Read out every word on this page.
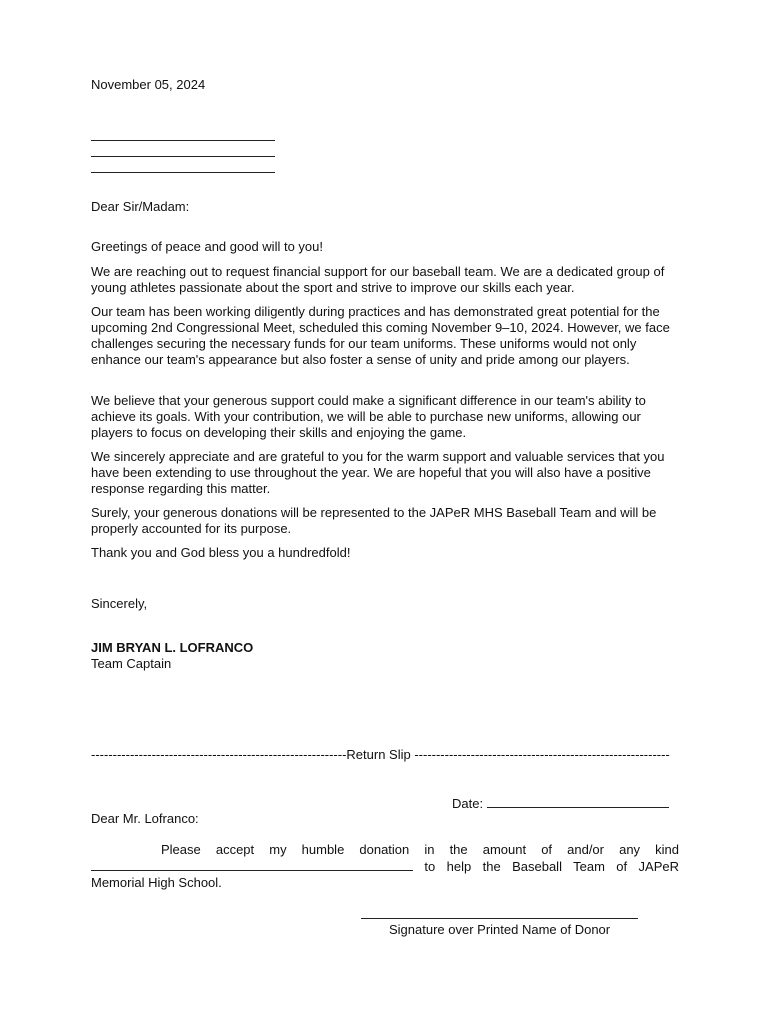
November 05, 2024
Dear Sir/Madam:

Greetings of peace and good will to you!

We are reaching out to request financial support for our baseball team. We are a dedicated group of young athletes passionate about the sport and strive to improve our skills each year.

Our team has been working diligently during practices and has demonstrated great potential for the upcoming 2nd Congressional Meet, scheduled this coming November 9–10, 2024. However, we face challenges securing the necessary funds for our team uniforms. These uniforms would not only enhance our team's appearance but also foster a sense of unity and pride among our players.

We believe that your generous support could make a significant difference in our team's ability to achieve its goals. With your contribution, we will be able to purchase new uniforms, allowing our players to focus on developing their skills and enjoying the game.

We sincerely appreciate and are grateful to you for the warm support and valuable services that you have been extending to use throughout the year. We are hopeful that you will also have a positive response regarding this matter.

Surely, your generous donations will be represented to the JAPeR MHS Baseball Team and will be properly accounted for its purpose.

Thank you and God bless you a hundredfold!

Sincerely,
JIM BRYAN L. LOFRANCO
Team Captain
-----------------------------------------------------------Return Slip -----------------------------------------------------------
Date:
Dear Mr. Lofranco:
Please accept my humble donation in the amount of and/or any kind  to help the Baseball Team of JAPeR Memorial High School.
Signature over Printed Name of Donor
